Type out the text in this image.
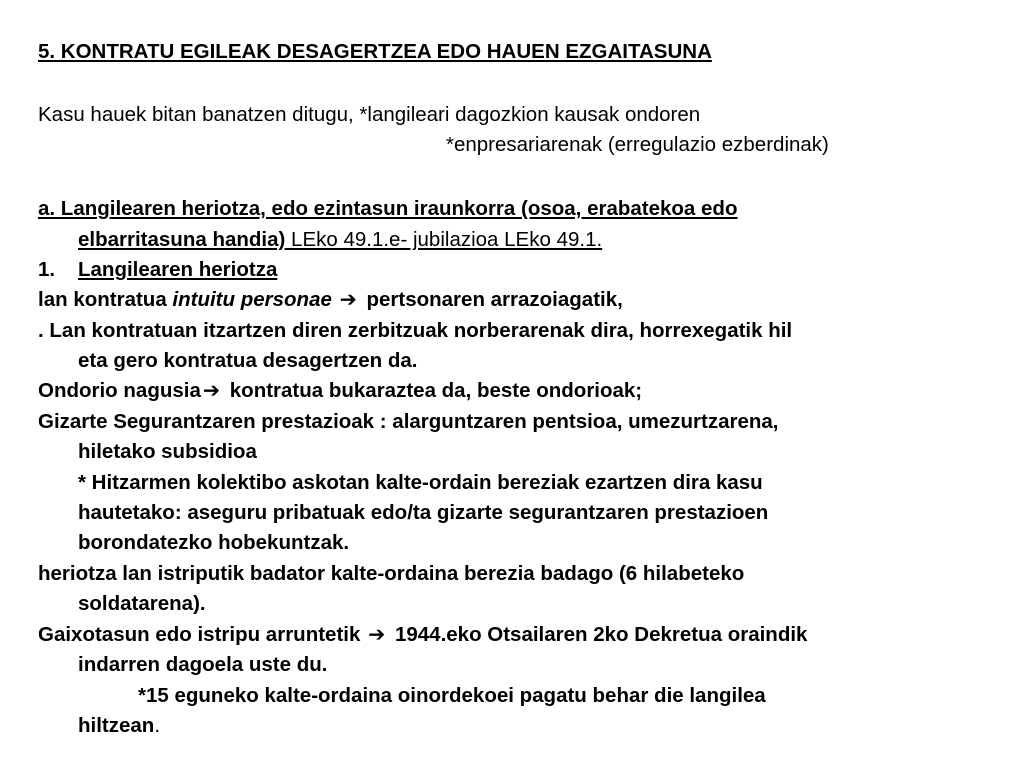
5. KONTRATU EGILEAK DESAGERTZEA EDO HAUEN EZGAITASUNA
Kasu hauek bitan banatzen ditugu, *langileari dagozkion kausak ondoren
*enpresariarenak (erregulazio ezberdinak)
a. Langilearen heriotza, edo ezintasun iraunkorra (osoa, erabatekoa edo
elbarritasuna handia) LEko 49.1.e- jubilazioa LEko 49.1.
1. Langilearen heriotza
lan kontratua intuitu personae ➔ pertsonaren arrazoiagatik,
. Lan kontratuan itzartzen diren zerbitzuak norberarenak dira, horrexegatik hil
eta gero kontratua desagertzen da.
Ondorio nagusia➔ kontratua bukaraztea da, beste ondorioak;
Gizarte Segurantzaren prestazioak : alarguntzaren pentsioa, umezurtzarena,
hiletako subsidioa
* Hitzarmen kolektibo askotan kalte-ordain bereziak ezartzen dira kasu
hautetako: aseguru pribatuak edo/ta gizarte segurantzaren prestazioen
borondatezko hobekuntzak.
heriotza lan istriputik badator kalte-ordaina berezia badago (6 hilabeteko
soldatarena).
Gaixotasun edo istripu arruntetik ➔ 1944.eko Otsailaren 2ko Dekretua oraindik
indarren dagoela uste du.
*15 eguneko kalte-ordaina oinordekoei pagatu behar die langilea
hiltzean.
